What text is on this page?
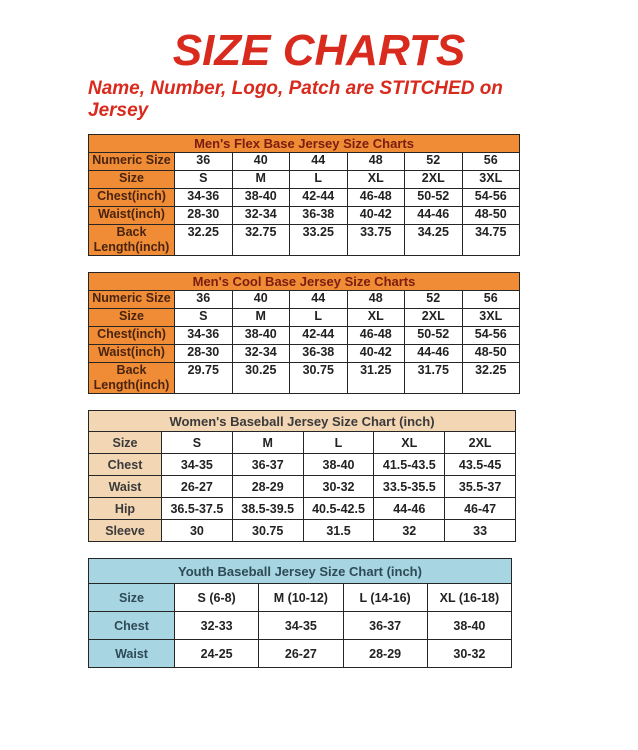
SIZE CHARTS

Name, Number, Logo, Patch are STITCHED on Jersey

Men's Flex Base Jersey Size Charts						
Numeric Size	36	40	44	48	52	56
Size	S	M	L	XL	2XL	3XL
Chest(inch)	34-36	38-40	42-44	46-48	50-52	54-56
Waist(inch)	28-30	32-34	36-38	40-42	44-46	48-50
Back Length(inch)	32.25	32.75	33.25	33.75	34.25	34.75
Men's Cool Base Jersey Size Charts						
Numeric Size	36	40	44	48	52	56
Size	S	M	L	XL	2XL	3XL
Chest(inch)	34-36	38-40	42-44	46-48	50-52	54-56
Waist(inch)	28-30	32-34	36-38	40-42	44-46	48-50
Back Length(inch)	29.75	30.25	30.75	31.25	31.75	32.25
Women's Baseball Jersey Size Chart (inch)					
Size	S	M	L	XL	2XL
Chest	34-35	36-37	38-40	41.5-43.5	43.5-45
Waist	26-27	28-29	30-32	33.5-35.5	35.5-37
Hip	36.5-37.5	38.5-39.5	40.5-42.5	44-46	46-47
Sleeve	30	30.75	31.5	32	33
Youth Baseball Jersey Size Chart (inch)				
Size	S (6-8)	M (10-12)	L (14-16)	XL (16-18)
Chest	32-33	34-35	36-37	38-40
Waist	24-25	26-27	28-29	30-32
